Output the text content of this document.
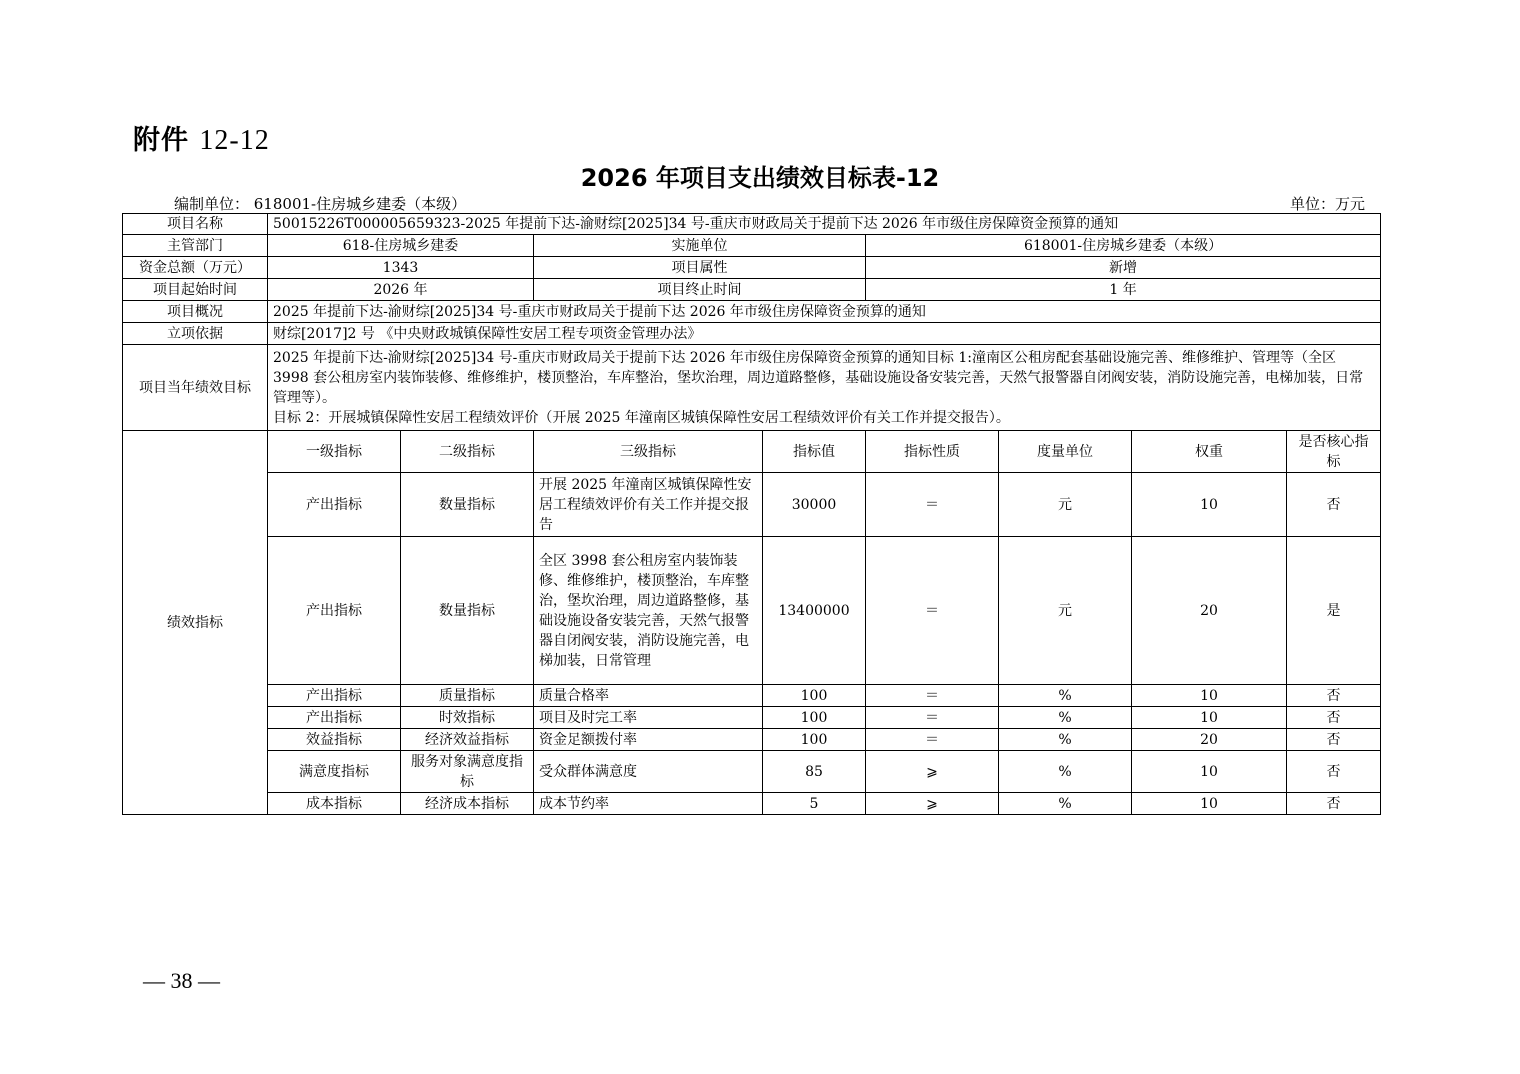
附件 12-12
2026 年项目支出绩效目标表-12
编制单位： 618001-住房城乡建委（本级）	单位：万元
项目名称	50015226T000005659323-2025 年提前下达-渝财综[2025]34 号-重庆市财政局关于提前下达 2026 年市级住房保障资金预算的通知							
主管部门	618-住房城乡建委		实施单位		618001-住房城乡建委（本级）			
资金总额（万元）	1343		项目属性		新增			
项目起始时间	2026 年		项目终止时间		1 年			
项目概况	2025 年提前下达-渝财综[2025]34 号-重庆市财政局关于提前下达 2026 年市级住房保障资金预算的通知							
立项依据	财综[2017]2 号 《中央财政城镇保障性安居工程专项资金管理办法》							
项目当年绩效目标	2025 年提前下达-渝财综[2025]34 号-重庆市财政局关于提前下达 2026 年市级住房保障资金预算的通知目标 1:潼南区公租房配套基础设施完善、维修维护、管理等（全区 3998 套公租房室内装饰装修、维修维护，楼顶整治，车库整治，堡坎治理，周边道路整修，基础设施设备安装完善，天然气报警器自闭阀安装，消防设施完善，电梯加装，日常管理等）。
目标 2：开展城镇保障性安居工程绩效评价（开展 2025 年潼南区城镇保障性安居工程绩效评价有关工作并提交报告）。							

绩效指标	一级指标	二级指标	三级指标	指标值	指标性质	度量单位	权重	是否核心指标
	产出指标	数量指标	开展 2025 年潼南区城镇保障性安居工程绩效评价有关工作并提交报告	30000	＝	元	10	否
	产出指标	数量指标	全区 3998 套公租房室内装饰装修、维修维护，楼顶整治，车库整治，堡坎治理，周边道路整修，基础设施设备安装完善，天然气报警器自闭阀安装，消防设施完善，电梯加装，日常管理	13400000	＝	元	20	是
	产出指标	质量指标	质量合格率	100	＝	%	10	否
	产出指标	时效指标	项目及时完工率	100	＝	%	10	否
	效益指标	经济效益指标	资金足额拨付率	100	＝	%	20	否
	满意度指标	服务对象满意度指标	受众群体满意度	85	⩾	%	10	否
	成本指标	经济成本指标	成本节约率	5	⩾	%	10	否
— 38 —
